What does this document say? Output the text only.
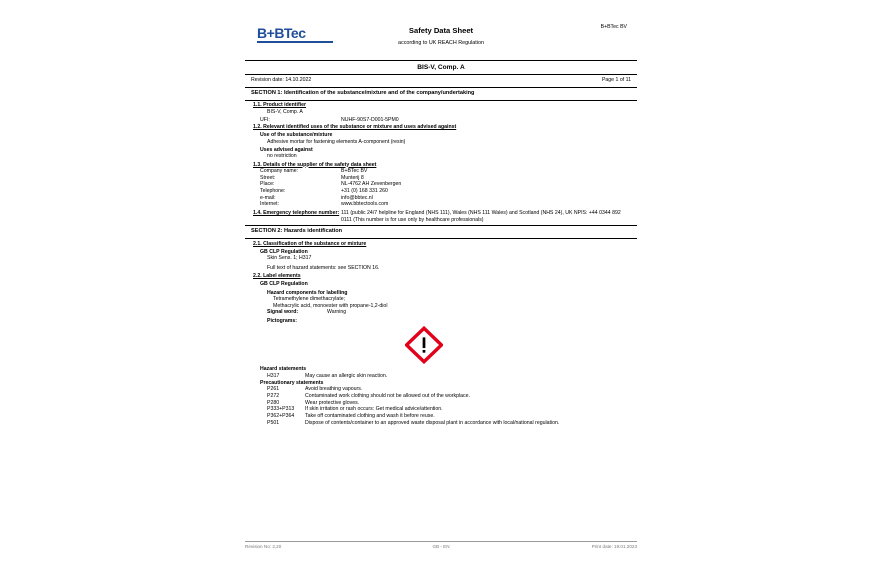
B+BTec	Safety Data Sheet
according to UK REACH Regulation
B+BTec BV
BIS-V, Comp. A
Revision date: 14.10.2022	Page 1 of 11
SECTION 1: Identification of the substance/mixture and of the company/undertaking
1.1. Product identifier
BIS-V, Comp. A
UFI:	NUHF-90S7-D001-5PM0
1.2. Relevant identified uses of the substance or mixture and uses advised against
Use of the substance/mixture
Adhesive mortar for fastening elements A-component (resin)
Uses advised against
no restriction
1.3. Details of the supplier of the safety data sheet
Company name:	B+BTec BV
Street:	Munterij 8
Place:	NL-4762 AH Zevenbergen
Telephone:	+31 (0) 168 331 260
e-mail:	info@bbtec.nl
Internet:	www.bbtectools.com
1.4. Emergency telephone number: 111 (public 24/7 helpline for England (NHS 111), Wales (NHS 111 Wales) and Scotland (NHS 24), UK NPIS: +44 0344 892 0111 (This number is for use only by healthcare professionals)
SECTION 2: Hazards identification
2.1. Classification of the substance or mixture
GB CLP Regulation
Skin Sens. 1; H317
Full text of hazard statements: see SECTION 16.
2.2. Label elements
GB CLP Regulation
Hazard components for labelling
Tetramethylene dimethacrylate;
Methacrylic acid, monoester with propane-1,2-diol
Signal word:	Warning
Pictograms:
Hazard statements
H317	May cause an allergic skin reaction.
Precautionary statements
P261	Avoid breathing vapours.
P272	Contaminated work clothing should not be allowed out of the workplace.
P280	Wear protective gloves.
P333+P313	If skin irritation or rash occurs: Get medical advice/attention.
P362+P364	Take off contaminated clothing and wash it before reuse.
P501	Dispose of contents/container to an approved waste disposal plant in accordance with local/national regulation.
Revision No: 2,20	GB - EN	Print date: 19.01.2023
